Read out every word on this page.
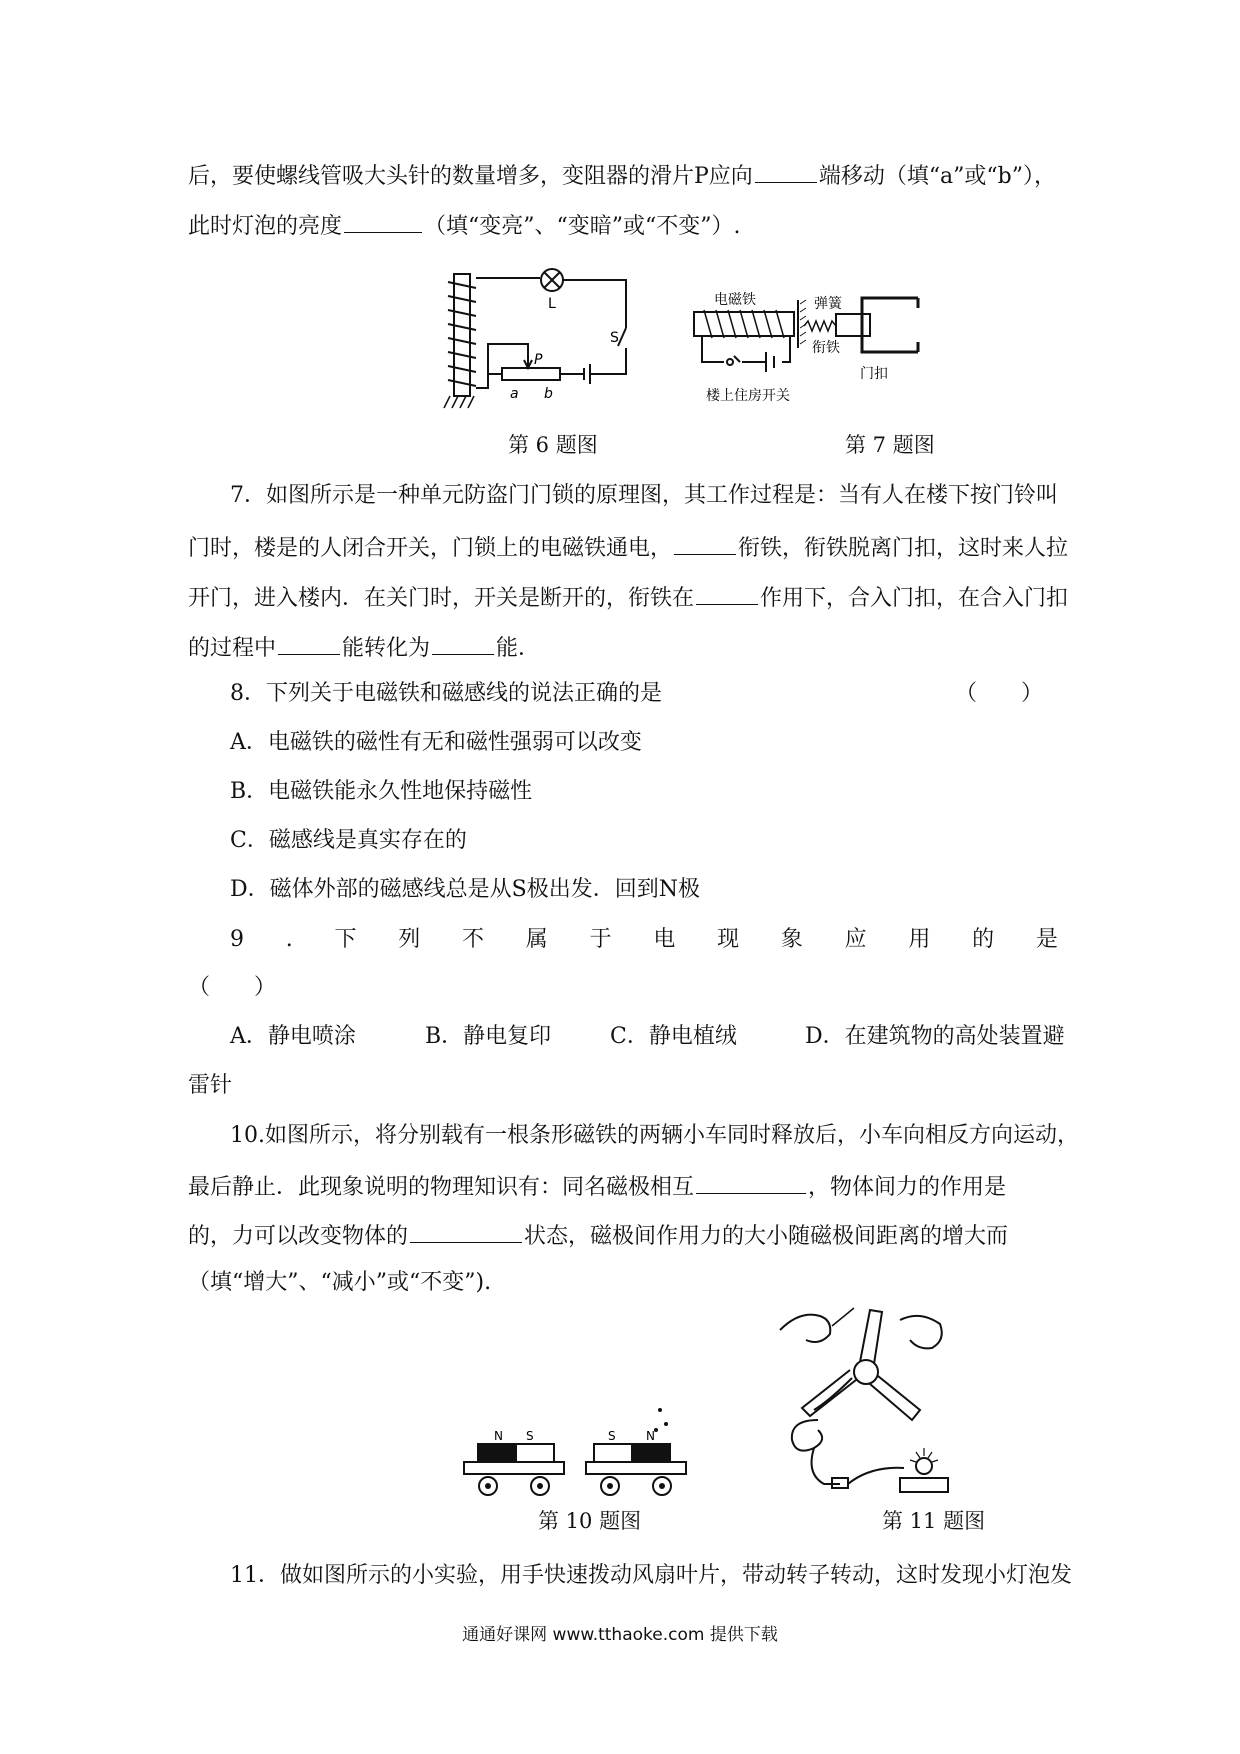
后，要使螺线管吸大头针的数量增多，变阻器的滑片P应向	端移动（填“a”或“b”），
此时灯泡的亮度	（填“变亮”、“变暗”或“不变”）.
L
S
P
a b
电磁铁	弹簧
衔铁
门扣
楼上住房开关
第 6 题图	第 7 题图
7．如图所示是一种单元防盗门门锁的原理图，其工作过程是：当有人在楼下按门铃叫
门时，楼是的人闭合开关，门锁上的电磁铁通电，	衔铁，衔铁脱离门扣，这时来人拉
开门，进入楼内．在关门时，开关是断开的，衔铁在	作用下，合入门扣，在合入门扣
的过程中	能转化为	能．
8．下列关于电磁铁和磁感线的说法正确的是	（　　）
A．电磁铁的磁性有无和磁性强弱可以改变
B．电磁铁能永久性地保持磁性
C．磁感线是真实存在的
D．磁体外部的磁感线总是从S极出发．回到N极
9 . 下 列 不 属 于 电 现 象 应 用 的 是
（　　）
A．静电喷涂	B．静电复印	C．静电植绒	D．在建筑物的高处装置避
雷针
10.如图所示，将分别载有一根条形磁铁的两辆小车同时释放后，小车向相反方向运动，
最后静止．此现象说明的物理知识有：同名磁极相互	，物体间力的作用是
的，力可以改变物体的	状态，磁极间作用力的大小随磁极间距离的增大而
（填“增大”、“减小”或“不变”).
N S	S	N
第 10 题图	第 11 题图
11．做如图所示的小实验，用手快速拨动风扇叶片，带动转子转动，这时发现小灯泡发
通通好课网 www.tthaoke.com 提供下载
